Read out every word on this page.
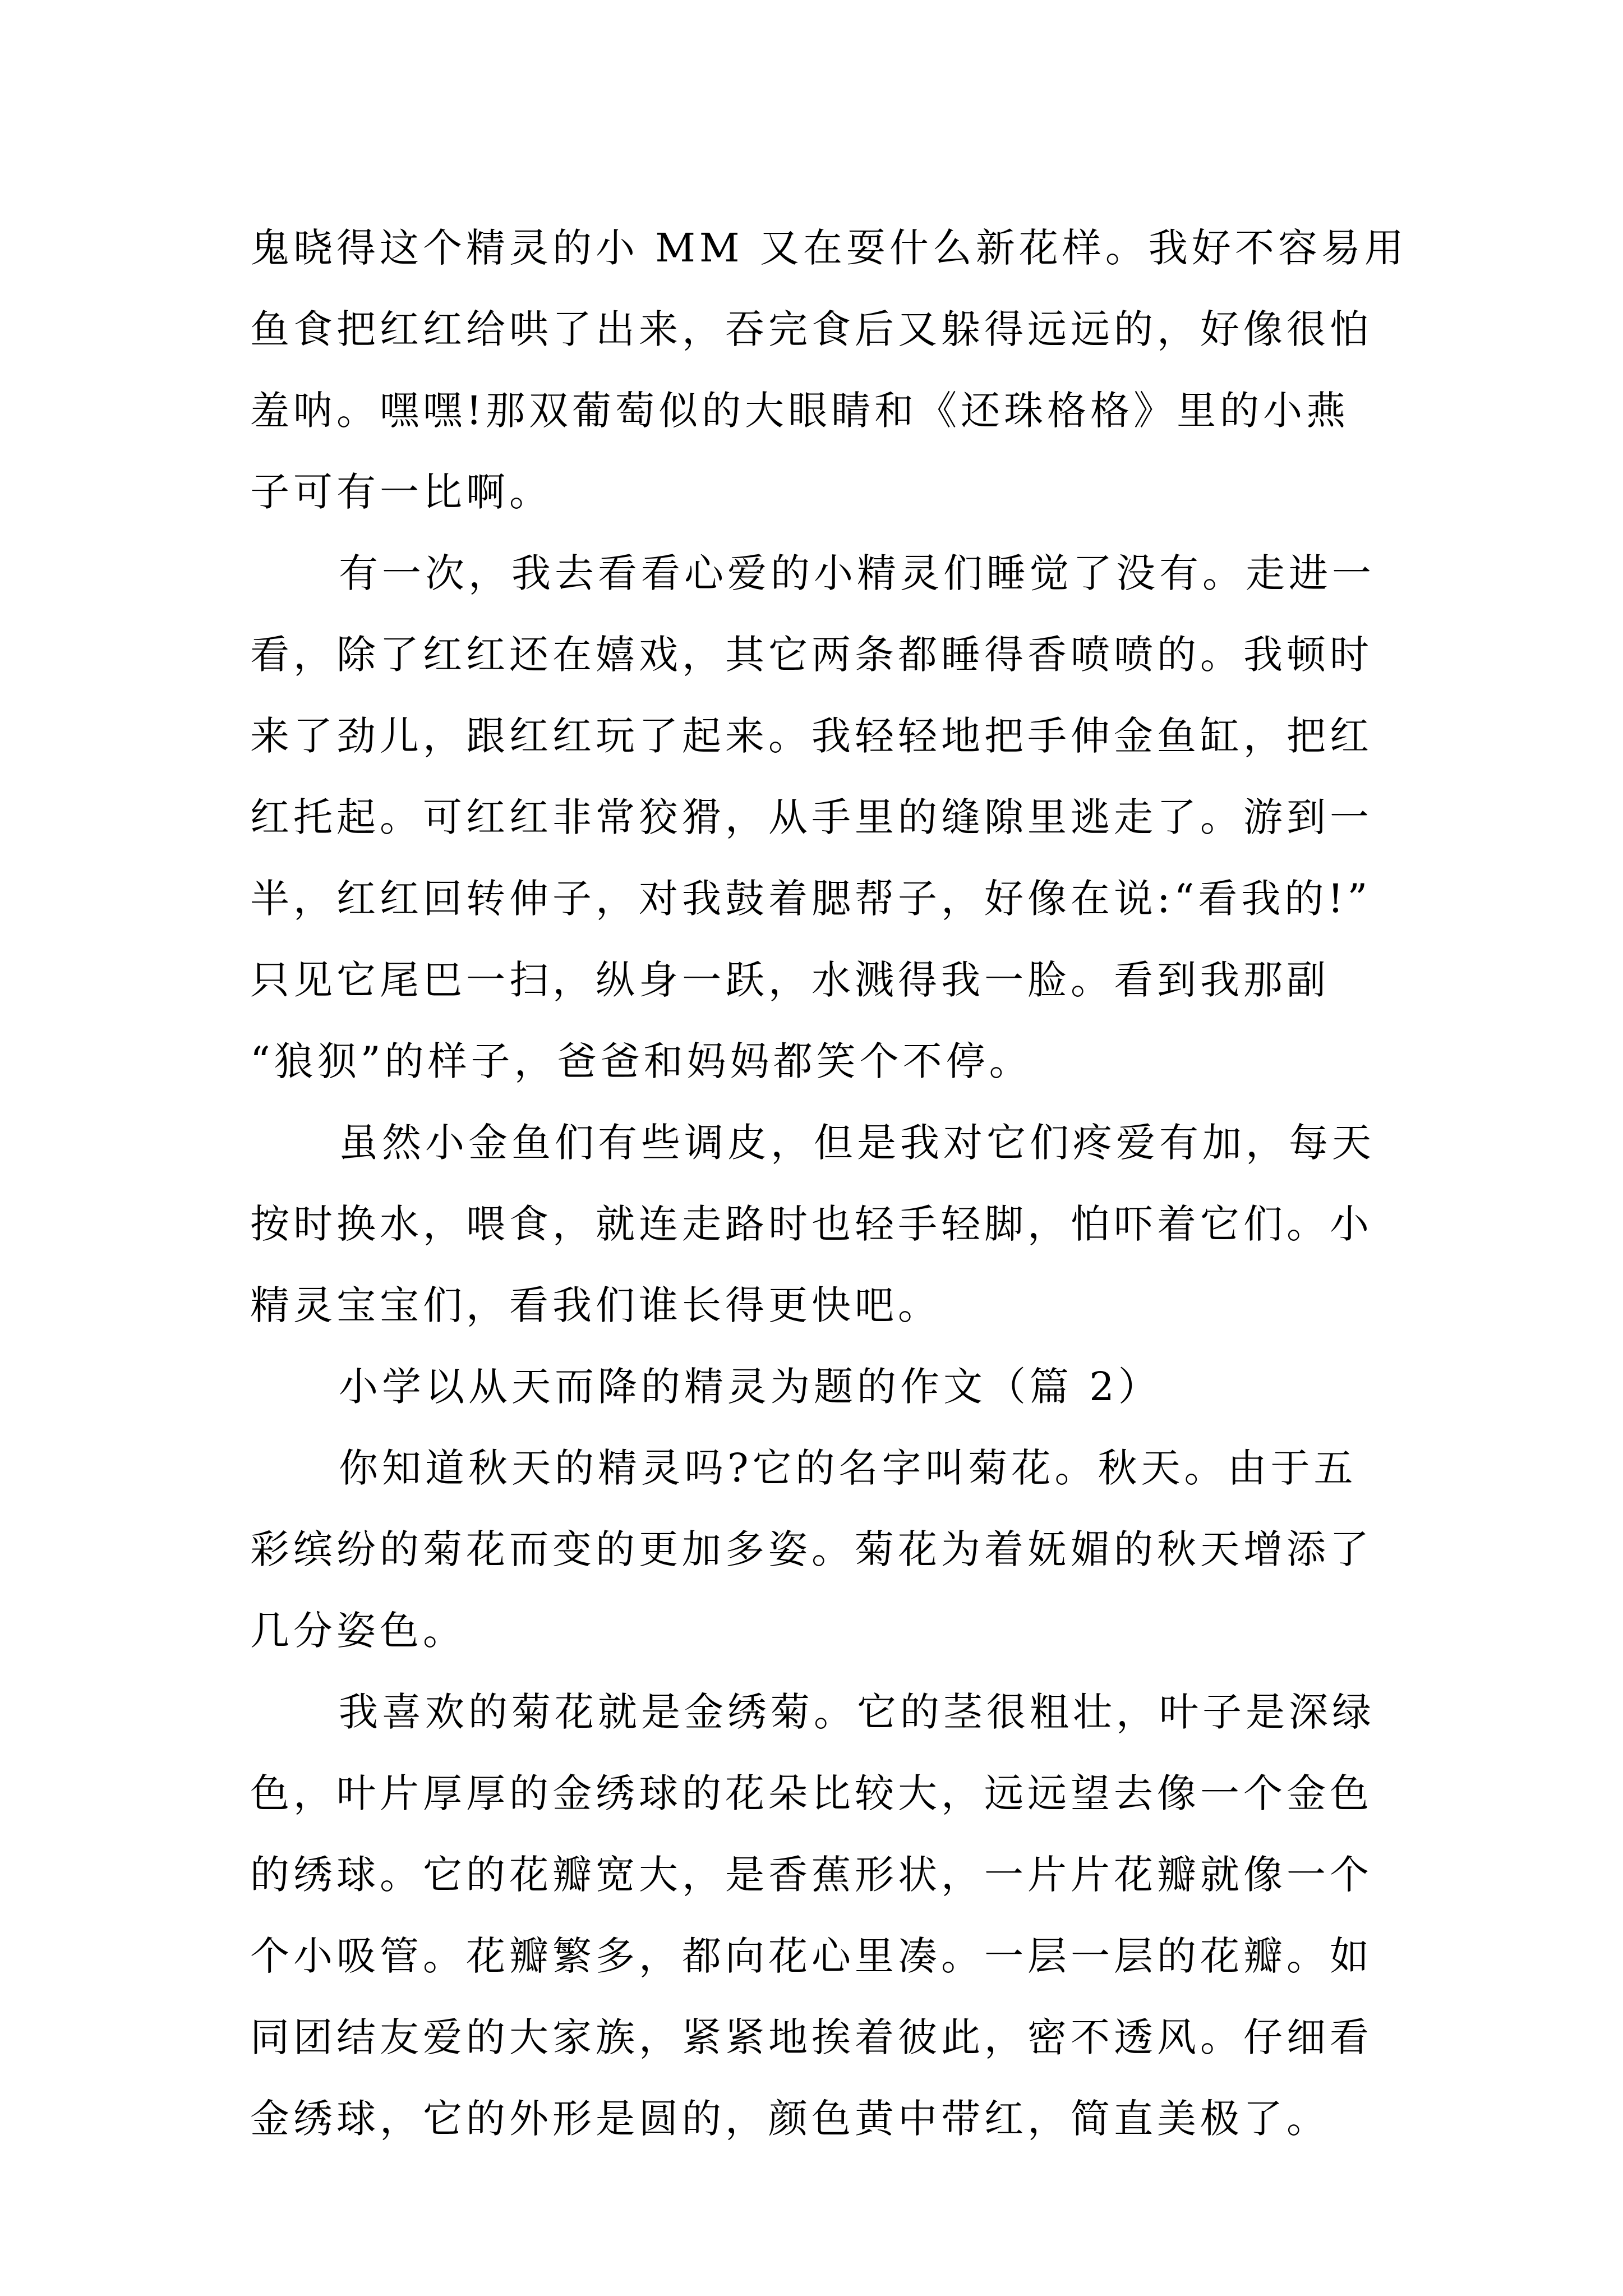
鬼晓得这个精灵的小 MM 又在耍什么新花样。我好不容易用
鱼食把红红给哄了出来，吞完食后又躲得远远的，好像很怕
羞呐。嘿嘿!那双葡萄似的大眼睛和《还珠格格》里的小燕
子可有一比啊。
有一次，我去看看心爱的小精灵们睡觉了没有。走进一
看，除了红红还在嬉戏，其它两条都睡得香喷喷的。我顿时
来了劲儿，跟红红玩了起来。我轻轻地把手伸金鱼缸，把红
红托起。可红红非常狡猾，从手里的缝隙里逃走了。游到一
半，红红回转伸子，对我鼓着腮帮子，好像在说:“看我的!”
只见它尾巴一扫，纵身一跃，水溅得我一脸。看到我那副
“狼狈”的样子，爸爸和妈妈都笑个不停。
虽然小金鱼们有些调皮，但是我对它们疼爱有加，每天
按时换水，喂食，就连走路时也轻手轻脚，怕吓着它们。小
精灵宝宝们，看我们谁长得更快吧。
小学以从天而降的精灵为题的作文（篇 2）
你知道秋天的精灵吗?它的名字叫菊花。秋天。由于五
彩缤纷的菊花而变的更加多姿。菊花为着妩媚的秋天增添了
几分姿色。
我喜欢的菊花就是金绣菊。它的茎很粗壮，叶子是深绿
色，叶片厚厚的金绣球的花朵比较大，远远望去像一个金色
的绣球。它的花瓣宽大，是香蕉形状，一片片花瓣就像一个
个小吸管。花瓣繁多，都向花心里凑。一层一层的花瓣。如
同团结友爱的大家族，紧紧地挨着彼此，密不透风。仔细看
金绣球，它的外形是圆的，颜色黄中带红，简直美极了。
